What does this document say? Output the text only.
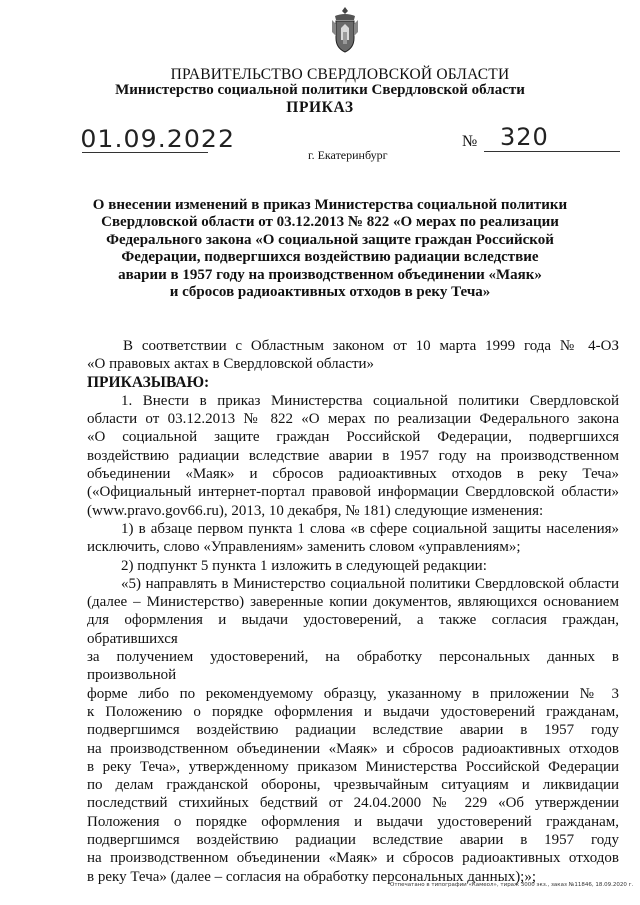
ПРАВИТЕЛЬСТВО СВЕРДЛОВСКОЙ ОБЛАСТИ
Министерство социальной политики Свердловской области
ПРИКАЗ
01.09.2022	№ 320
г. Екатеринбург
О внесении изменений в приказ Министерства социальной политики
Свердловской области от 03.12.2013 № 822 «О мерах по реализации
Федерального закона «О социальной защите граждан Российской
Федерации, подвергшихся воздействию радиации вследствие
аварии в 1957 году на производственном объединении «Маяк»
и сбросов радиоактивных отходов в реку Теча»
В соответствии с Областным законом от 10 марта 1999 года № 4-ОЗ
«О правовых актах в Свердловской области»
ПРИКАЗЫВАЮ:
1. Внести в приказ Министерства социальной политики Свердловской
области от 03.12.2013 № 822 «О мерах по реализации Федерального закона
«О социальной защите граждан Российской Федерации, подвергшихся
воздействию радиации вследствие аварии в 1957 году на производственном
объединении «Маяк» и сбросов радиоактивных отходов в реку Теча»
(«Официальный интернет-портал правовой информации Свердловской области»
(www.pravo.gov66.ru), 2013, 10 декабря, № 181) следующие изменения:
1) в абзаце первом пункта 1 слова «в сфере социальной защиты населения»
исключить, слово «Управлениям» заменить словом «управлениям»;
2) подпункт 5 пункта 1 изложить в следующей редакции:
«5) направлять в Министерство социальной политики Свердловской области
(далее – Министерство) заверенные копии документов, являющихся основанием
для оформления и выдачи удостоверений, а также согласия граждан, обратившихся
за получением удостоверений, на обработку персональных данных в произвольной
форме либо по рекомендуемому образцу, указанному в приложении № 3
к Положению о порядке оформления и выдачи удостоверений гражданам,
подвергшимся воздействию радиации вследствие аварии в 1957 году
на производственном объединении «Маяк» и сбросов радиоактивных отходов
в реку Теча», утвержденному приказом Министерства Российской Федерации
по делам гражданской обороны, чрезвычайным ситуациям и ликвидации
последствий стихийных бедствий от 24.04.2000 № 229 «Об утверждении
Положения о порядке оформления и выдачи удостоверений гражданам,
подвергшимся воздействию радиации вследствие аварии в 1957 году
на производственном объединении «Маяк» и сбросов радиоактивных отходов
в реку Теча» (далее – согласия на обработку персональных данных);»;
Отпечатано в типографии «Камеол», тираж 3000 экз., заказ №11846, 18.09.2020 г.
